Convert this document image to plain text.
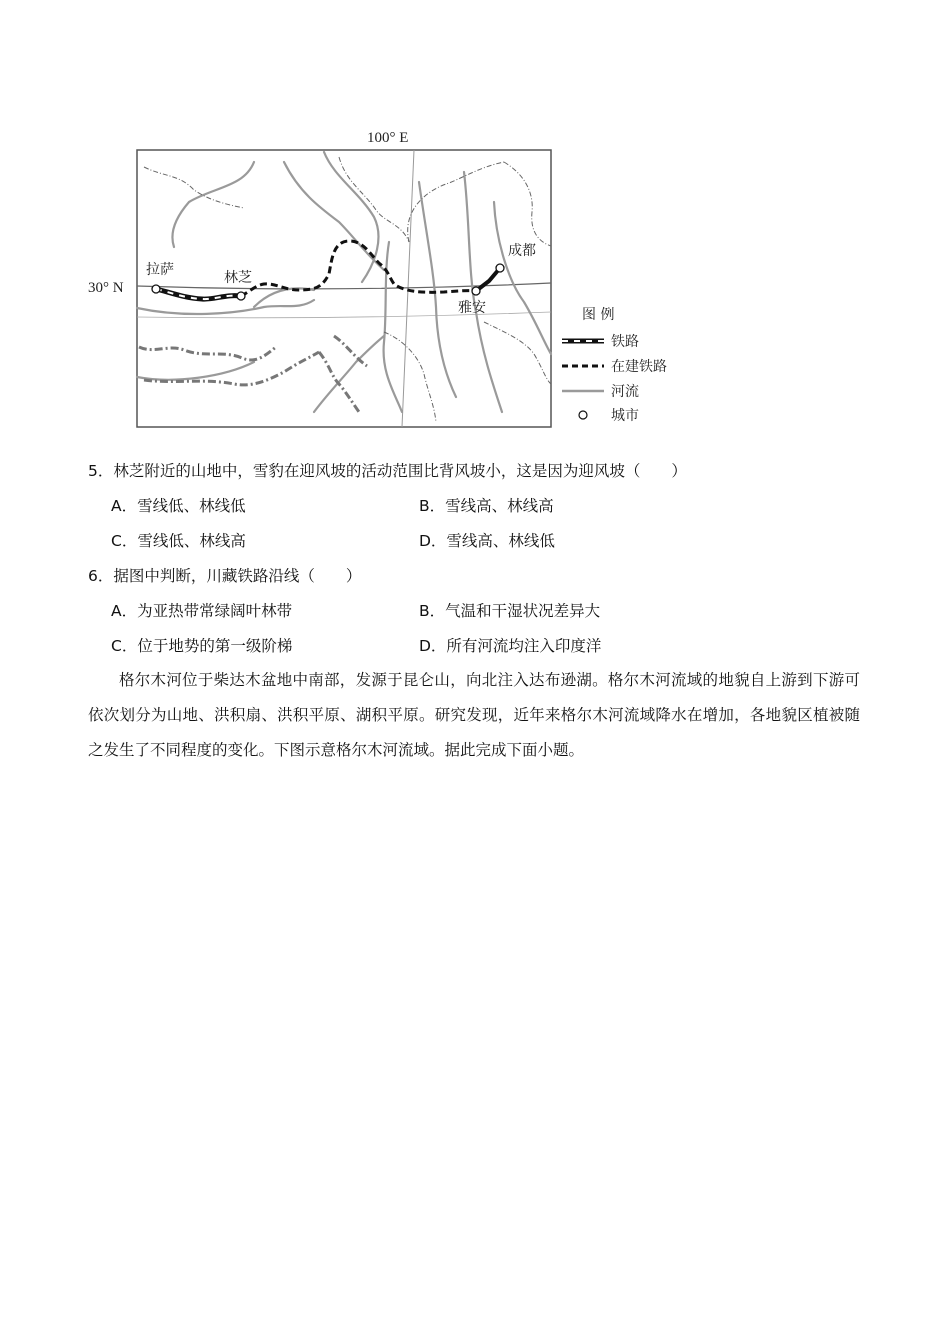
100° E
30° N
拉萨	林芝
成都
雅安	图 例
铁路
在建铁路
河流
城市
5．林芝附近的山地中，雪豹在迎风坡的活动范围比背风坡小，这是因为迎风坡（　　）
A．雪线低、林线低	B．雪线高、林线高
C．雪线低、林线高	D．雪线高、林线低
6．据图中判断，川藏铁路沿线（　　）
A．为亚热带常绿阔叶林带	B．气温和干湿状况差异大
C．位于地势的第一级阶梯	D．所有河流均注入印度洋
格尔木河位于柴达木盆地中南部，发源于昆仑山，向北注入达布逊湖。格尔木河流域的地貌自上游到下游可依次划分为山地、洪积扇、洪积平原、湖积平原。研究发现，近年来格尔木河流域降水在增加，各地貌区植被随之发生了不同程度的变化。下图示意格尔木河流域。据此完成下面小题。
